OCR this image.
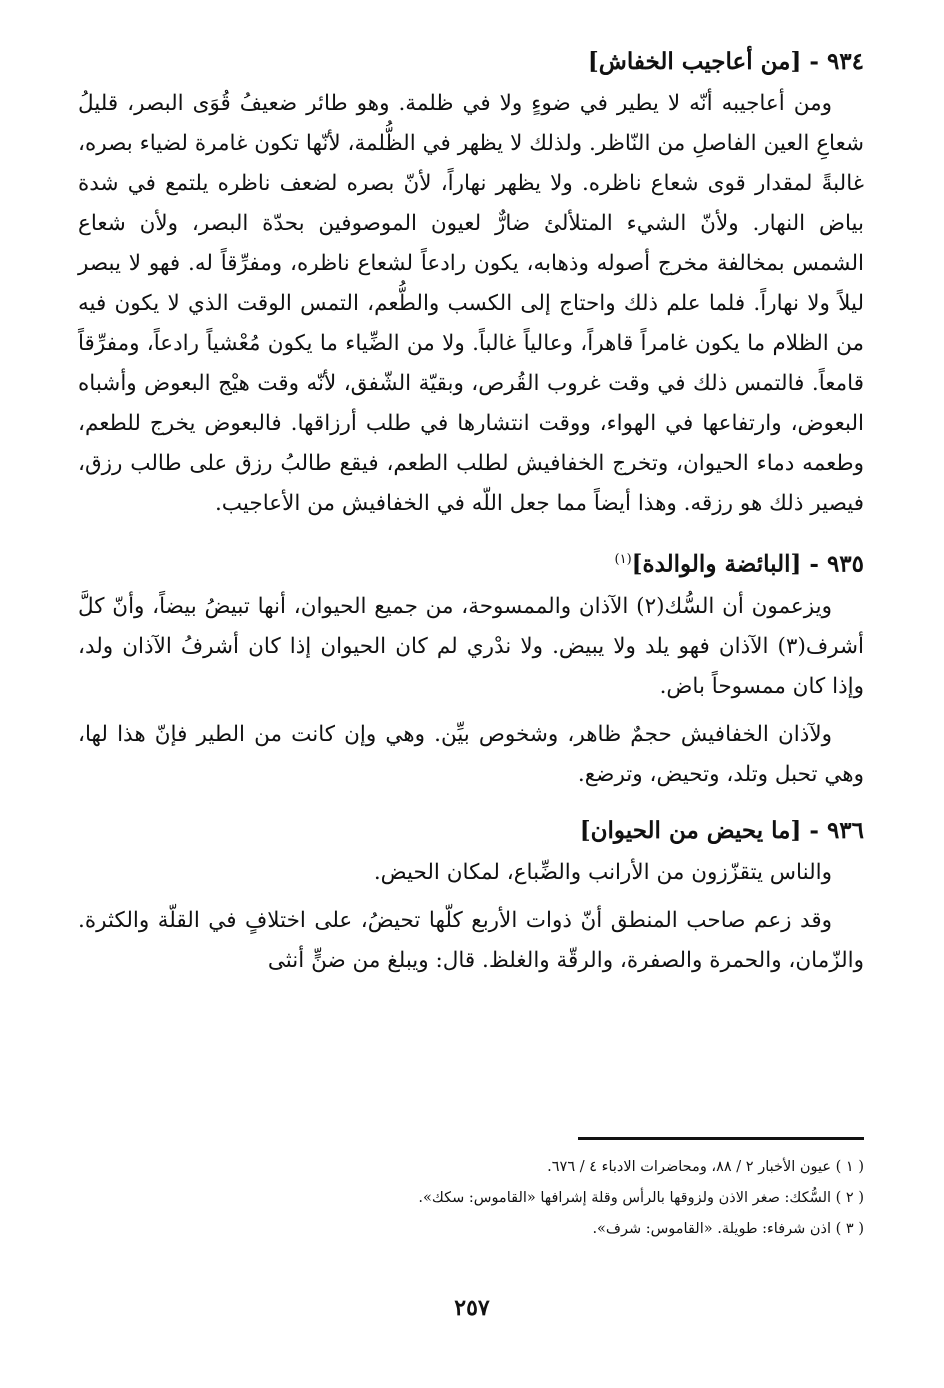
٩٣٤ - [من أعاجيب الخفاش]

ومن أعاجيبه أنّه لا يطير في ضوءٍ ولا في ظلمة. وهو طائر ضعيفُ قُوَى البصر، قليلُ شعاعِ العين الفاصلِ من النّاظر. ولذلك لا يظهر في الظُّلمة، لأنّها تكون غامرة لضياء بصره، غالبةً لمقدار قوى شعاع ناظره. ولا يظهر نهاراً، لأنّ بصره لضعف ناظره يلتمع في شدة بياض النهار. ولأنّ الشيء المتلألئ ضارٌّ لعيون الموصوفين بحدّة البصر، ولأن شعاع الشمس بمخالفة مخرج أصوله وذهابه، يكون رادعاً لشعاع ناظره، ومفرِّقاً له. فهو لا يبصر ليلاً ولا نهاراً. فلما علم ذلك واحتاج إلى الكسب والطُّعم، التمس الوقت الذي لا يكون فيه من الظلام ما يكون غامراً قاهراً، وعالياً غالباً. ولا من الضِّياء ما يكون مُعْشياً رادعاً، ومفرِّقاً قامعاً. فالتمس ذلك في وقت غروب القُرص، وبقيّة الشّفق، لأنّه وقت هيْج البعوض وأشباه البعوض، وارتفاعها في الهواء، ووقت انتشارها في طلب أرزاقها. فالبعوض يخرج للطعم، وطعمه دماء الحيوان، وتخرج الخفافيش لطلب الطعم، فيقع طالبُ رزق على طالب رزق، فيصير ذلك هو رزقه. وهذا أيضاً مما جعل اللّه في الخفافيش من الأعاجيب.

٩٣٥ - [البائضة والوالدة]$^{(١)}$

ويزعمون أن السُّك(٢) الآذان والممسوحة، من جميع الحيوان، أنها تبيضُ بيضاً، وأنّ كلَّ أشرف(٣) الآذان فهو يلد ولا يبيض. ولا ندْري لم كان الحيوان إذا كان أشرفُ الآذان ولد، وإذا كان ممسوحاً باض.

ولآذان الخفافيش حجمٌ ظاهر، وشخوص بيِّن. وهي وإن كانت من الطير فإنّ هذا لها، وهي تحبل وتلد، وتحيض، وترضع.

٩٣٦ - [ما يحيض من الحيوان]

والناس يتقزّزون من الأرانب والضِّباع، لمكان الحيض.

وقد زعم صاحب المنطق أنّ ذوات الأربع كلّها تحيضُ، على اختلافٍ في القلّة والكثرة. والزّمان، والحمرة والصفرة، والرقّة والغلظ. قال: ويبلغ من ضنٍّ أنثى

( ١ ) عيون الأخبار ٢ / ٨٨، ومحاضرات الادباء ٤ / ٦٧٦.

( ٢ ) السُّكك: صغر الاذن ولزوقها بالرأس وقلة إشرافها «القاموس: سكك».

( ٣ ) اذن شرفاء: طويلة. «القاموس: شرف».

٢٥٧
